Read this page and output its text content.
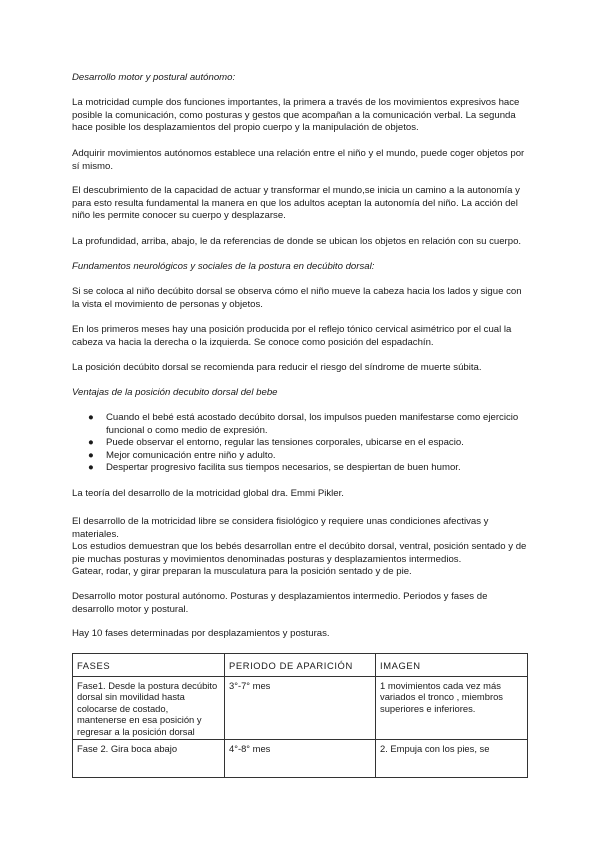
Desarrollo motor y postural autónomo:

La motricidad cumple dos funciones importantes, la primera a través de los movimientos expresivos hace posible la comunicación, como posturas y gestos que acompañan a la comunicación verbal. La segunda hace posible los desplazamientos del propio cuerpo y la manipulación de objetos.

Adquirir movimientos autónomos establece una relación entre el niño y el mundo, puede coger objetos por sí mismo.

El descubrimiento de la capacidad de actuar y transformar el mundo,se inicia un camino a la autonomía y para esto resulta fundamental la manera en que los adultos aceptan la autonomía del niño. La acción del niño les permite conocer su cuerpo y desplazarse.

La profundidad, arriba, abajo, le da referencias de donde se ubican los objetos en relación con su cuerpo.

Fundamentos neurológicos y sociales de la postura en decúbito dorsal:

Si se coloca al niño decúbito dorsal se observa cómo el niño mueve la cabeza hacia los lados y sigue con la vista el movimiento de personas y objetos.

En los primeros meses hay una posición producida por el reflejo tónico cervical asimétrico por el cual la cabeza va hacia la derecha o la izquierda. Se conoce como posición del espadachín.

La posición decúbito dorsal se recomienda para reducir el riesgo del síndrome de muerte súbita.

Ventajas de la posición decubito dorsal del bebe

● Cuando el bebé está acostado decúbito dorsal, los impulsos pueden manifestarse como ejercicio funcional o como medio de expresión.
● Puede observar el entorno, regular las tensiones corporales, ubicarse en el espacio.
● Mejor comunicación entre niño y adulto.
● Despertar progresivo facilita sus tiempos necesarios, se despiertan de buen humor.

La teoría del desarrollo de la motricidad global dra. Emmi Pikler.

El desarrollo de la motricidad libre se considera fisiológico y requiere unas condiciones afectivas y materiales.

Los estudios demuestran que los bebés desarrollan entre el decúbito dorsal, ventral, posición sentado y de pie muchas posturas y movimientos denominadas posturas y desplazamientos intermedios.

Gatear, rodar, y girar preparan la musculatura para la posición sentado y de pie.

Desarrollo motor postural autónomo. Posturas y desplazamientos intermedio. Periodos y fases de desarrollo motor y postural.

Hay 10 fases determinadas por desplazamientos y posturas.

FASES	PERIODO DE APARICIÓN	IMAGEN
Fase1. Desde la postura decúbito dorsal sin movilidad hasta colocarse de costado, mantenerse en esa posición y regresar a la posición dorsal	3°-7° mes	1 movimientos cada vez más variados el tronco , miembros superiores e inferiores.
Fase 2. Gira boca abajo	4°-8° mes	2. Empuja con los pies, se
